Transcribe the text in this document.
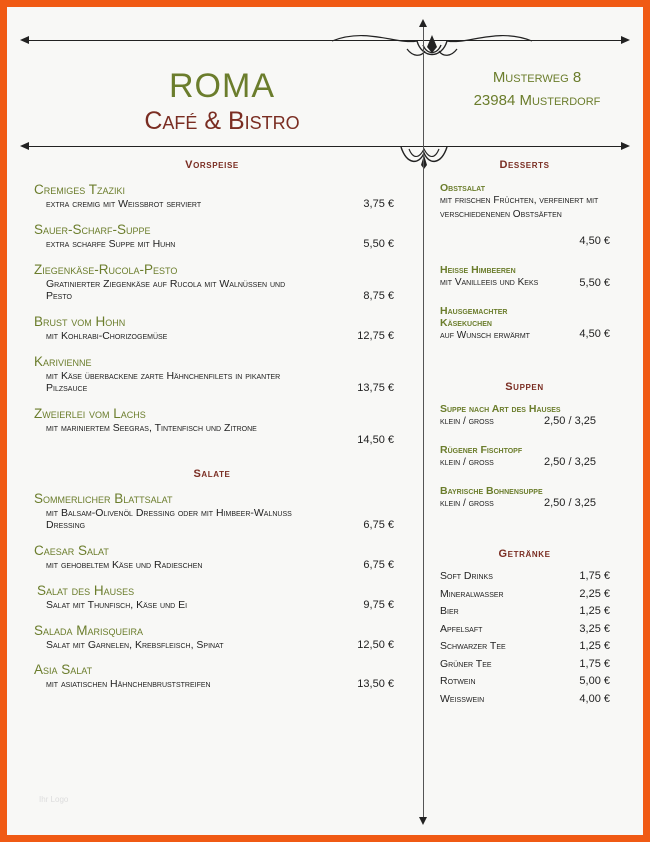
ROMA
Café & Bistro
Musterweg 8
23984 Musterdorf
Vorspeise
Cremiges Tzaziki
extra cremig mit Weissbrot serviert	3,75 €
Sauer-Scharf-Suppe
extra scharfe Suppe mit Huhn	5,50 €
Ziegenkäse-Rucola-Pesto
Gratinierter Ziegenkäse auf Rucola mit Walnüssen und Pesto	8,75 €
Brust vom Hohn
mit Kohlrabi-Chorizogemüse	12,75 €
Karivienne
mit Käse überbackene zarte Hähnchenfilets in pikanter Pilzsauce	13,75 €
Zweierlei vom Lachs
mit mariniertem Seegras, Tintenfisch und Zitrone
14,50 €
Salate
Sommerlicher Blattsalat
mit Balsam-Olivenöl Dressing oder mit Himbeer-Walnuss Dressing	6,75 €
Caesar Salat
mit gehobeltem Käse und Radieschen	6,75 €
Salat des Hauses
Salat mit Thunfisch, Käse und Ei	9,75 €
Salada Marisqueira
Salat mit Garnelen, Krebsfleisch, Spinat	12,50 €
Asia Salat
mit asiatischen Hähnchenbruststreifen	13,50 €
Desserts
Obstsalat
mit frischen Früchten, verfeinert mit verschiedenenen Obstsäften
4,50 €
Heisse Himbeeren
mit Vanilleeis und Keks	5,50 €
Hausgemachter Käsekuchen
auf Wunsch erwärmt	4,50 €
Suppen
Suppe nach Art des Hauses
klein / gross	2,50 / 3,25
Rügener Fischtopf
klein / gross	2,50 / 3,25
Bayrische Bohnensuppe
klein / gross	2,50 / 3,25
Getränke
Soft Drinks	1,75 €
Mineralwasser	2,25 €
Bier	1,25 €
Apfelsaft	3,25 €
Schwarzer Tee	1,25 €
Grüner Tee	1,75 €
Rotwein	5,00 €
Weisswein	4,00 €
Ihr Logo
